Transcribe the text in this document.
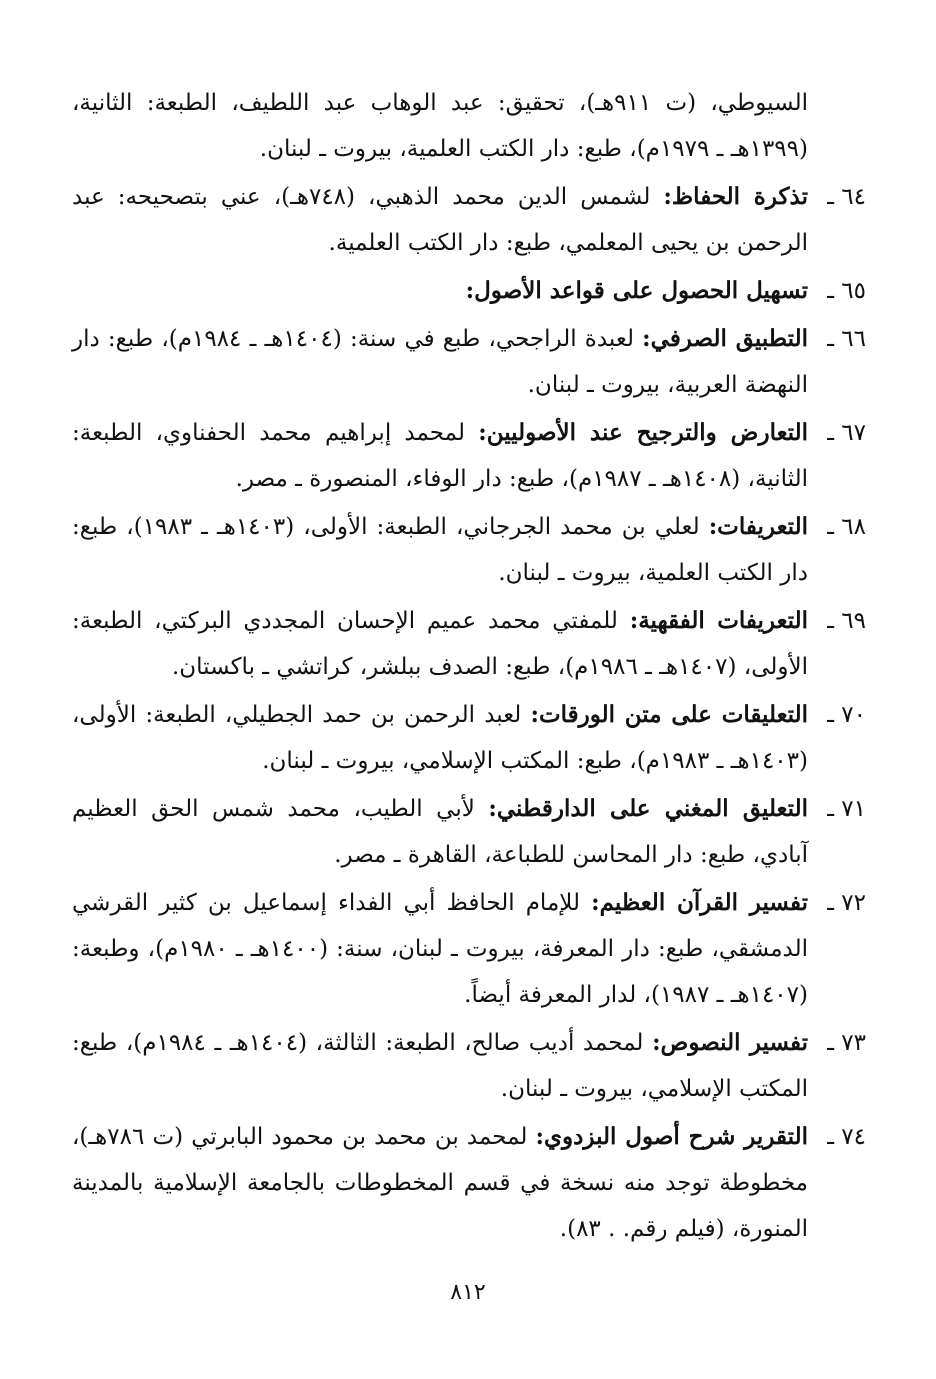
السيوطي، (ت ٩١١هـ)، تحقيق: عبد الوهاب عبد اللطيف، الطبعة: الثانية، (١٣٩٩هـ ـ ١٩٧٩م)، طبع: دار الكتب العلمية، بيروت ـ لبنان.
٦٤ ـ
تذكرة الحفاظ: لشمس الدين محمد الذهبي، (٧٤٨هـ)، عني بتصحيحه: عبد الرحمن بن يحيى المعلمي، طبع: دار الكتب العلمية.
٦٥ ـ
تسهيل الحصول على قواعد الأصول:
٦٦ ـ
التطبيق الصرفي: لعبدة الراجحي، طبع في سنة: (١٤٠٤هـ ـ ١٩٨٤م)، طبع: دار النهضة العربية، بيروت ـ لبنان.
٦٧ ـ
التعارض والترجيح عند الأصوليين: لمحمد إبراهيم محمد الحفناوي، الطبعة: الثانية، (١٤٠٨هـ ـ ١٩٨٧م)، طبع: دار الوفاء، المنصورة ـ مصر.
٦٨ ـ
التعريفات: لعلي بن محمد الجرجاني، الطبعة: الأولى، (١٤٠٣هـ ـ ١٩٨٣)، طبع: دار الكتب العلمية، بيروت ـ لبنان.
٦٩ ـ
التعريفات الفقهية: للمفتي محمد عميم الإحسان المجددي البركتي، الطبعة: الأولى، (١٤٠٧هـ ـ ١٩٨٦م)، طبع: الصدف ببلشر، كراتشي ـ باكستان.
٧٠ ـ
التعليقات على متن الورقات: لعبد الرحمن بن حمد الجطيلي، الطبعة: الأولى، (١٤٠٣هـ ـ ١٩٨٣م)، طبع: المكتب الإسلامي، بيروت ـ لبنان.
٧١ ـ
التعليق المغني على الدارقطني: لأبي الطيب، محمد شمس الحق العظيم آبادي، طبع: دار المحاسن للطباعة، القاهرة ـ مصر.
٧٢ ـ
تفسير القرآن العظيم: للإمام الحافظ أبي الفداء إسماعيل بن كثير القرشي الدمشقي، طبع: دار المعرفة، بيروت ـ لبنان، سنة: (١٤٠٠هـ ـ ١٩٨٠م)، وطبعة: (١٤٠٧هـ ـ ١٩٨٧)، لدار المعرفة أيضاً.
٧٣ ـ
تفسير النصوص: لمحمد أديب صالح، الطبعة: الثالثة، (١٤٠٤هـ ـ ١٩٨٤م)، طبع: المكتب الإسلامي، بيروت ـ لبنان.
٧٤ ـ
التقرير شرح أصول البزدوي: لمحمد بن محمد بن محمود البابرتي (ت ٧٨٦هـ)، مخطوطة توجد منه نسخة في قسم المخطوطات بالجامعة الإسلامية بالمدينة المنورة، (فيلم رقم. . ٨٣).
٨١٢
